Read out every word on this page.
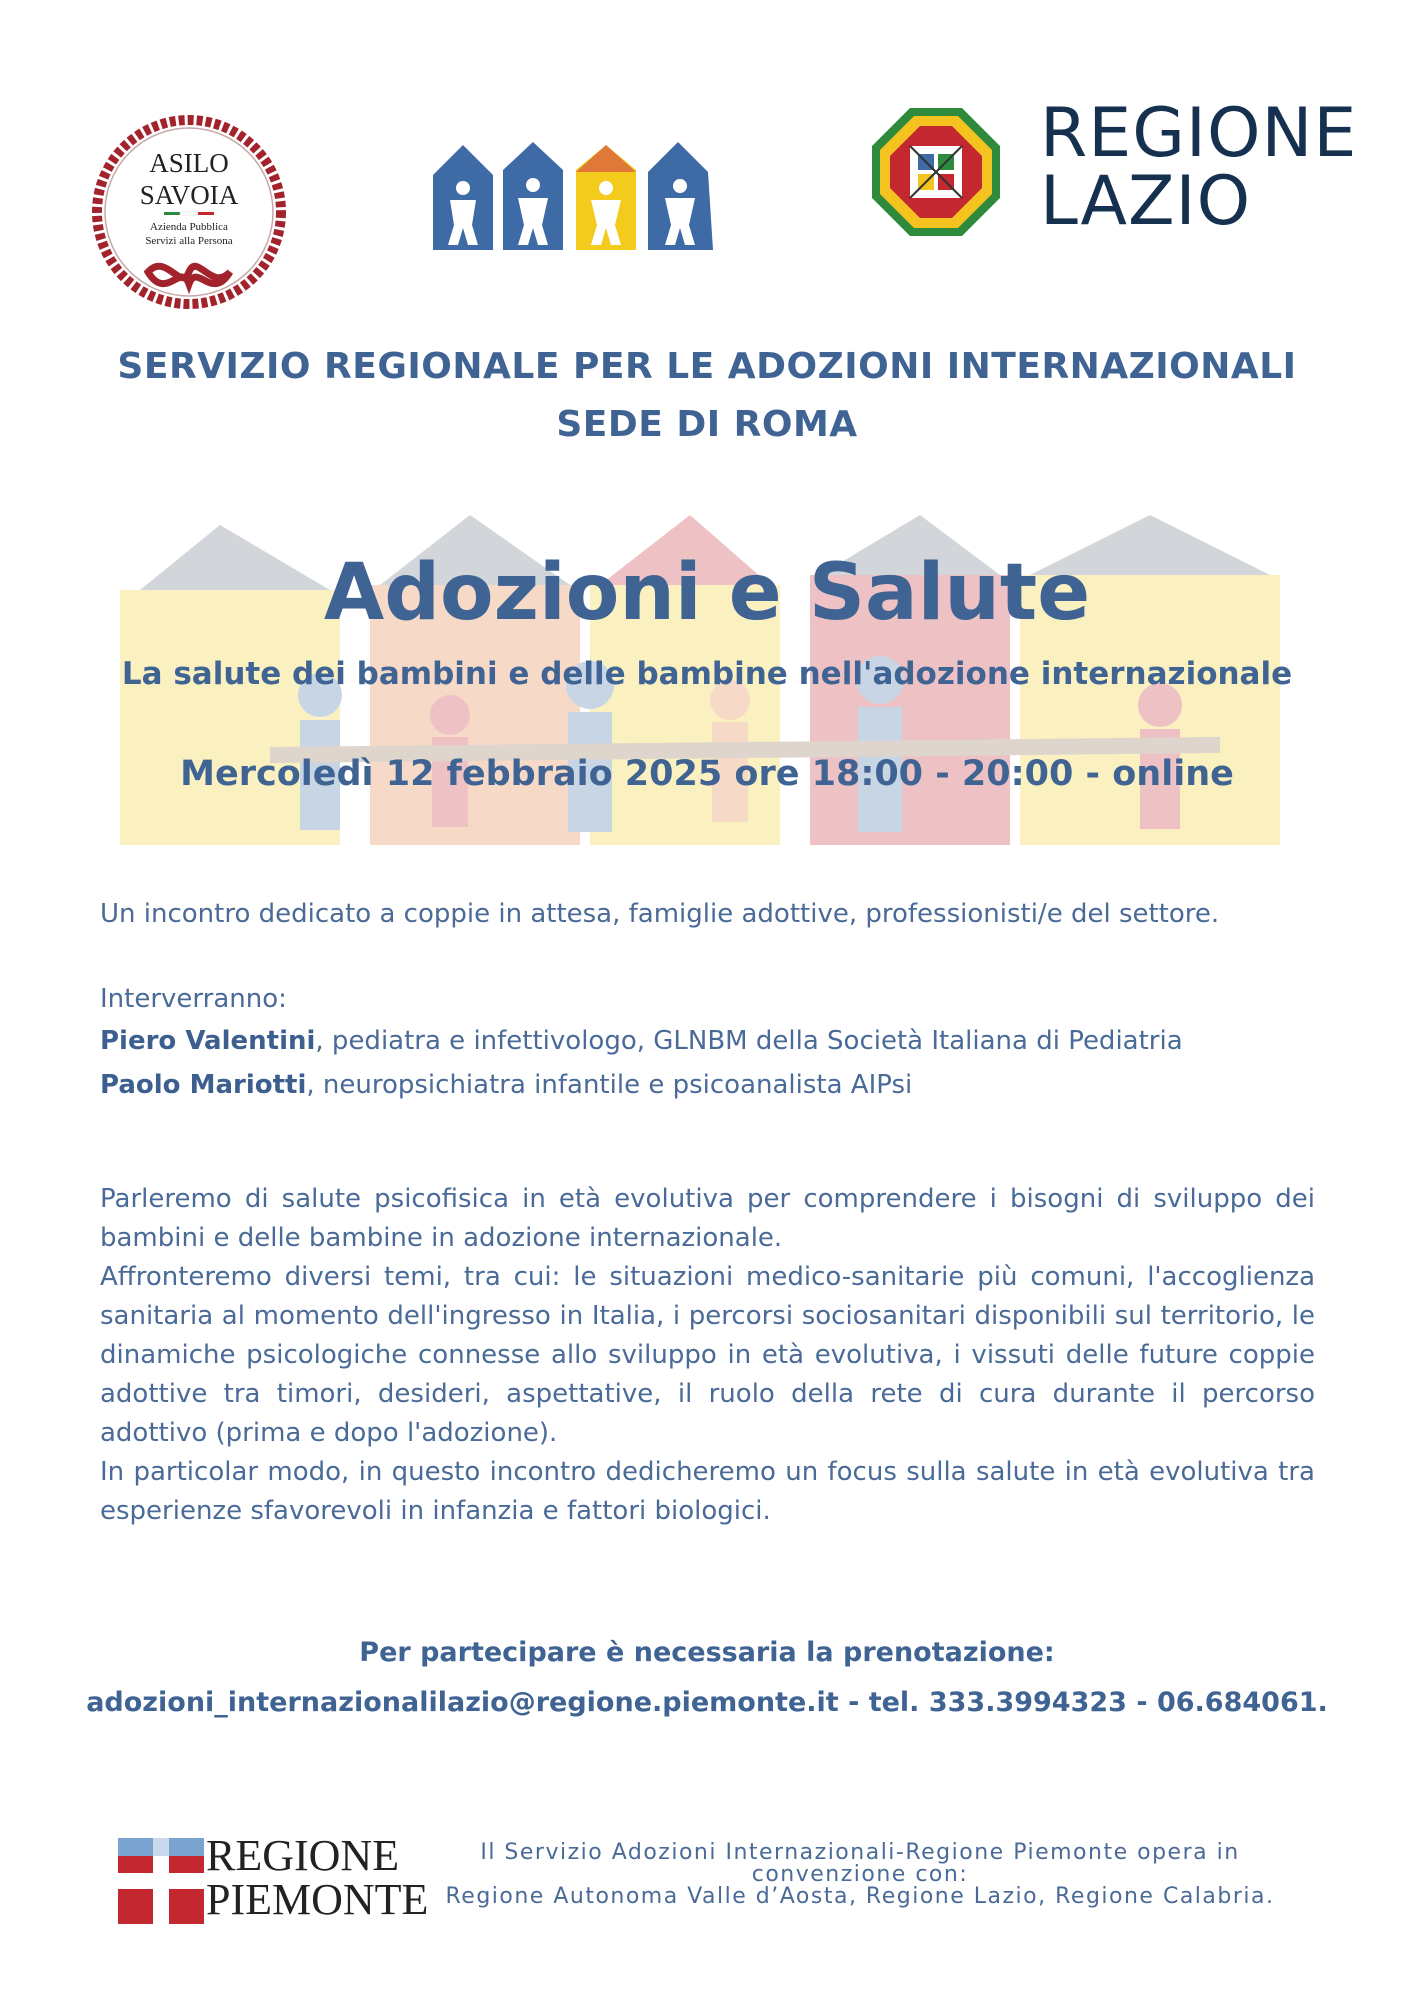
ASILO
SAVOIA
Azienda Pubblica
Servizi alla Persona
REGIONE
LAZIO
SERVIZIO REGIONALE PER LE ADOZIONI INTERNAZIONALI
SEDE DI ROMA
Adozioni e Salute
La salute dei bambini e delle bambine nell'adozione internazionale
Mercoledì 12 febbraio 2025 ore 18:00 - 20:00 - online
Un incontro dedicato a coppie in attesa, famiglie adottive, professionisti/e del settore.
Interverranno:
Piero Valentini, pediatra e infettivologo, GLNBM della Società Italiana di Pediatria
Paolo Mariotti, neuropsichiatra infantile e psicoanalista AIPsi

Parleremo di salute psicofisica in età evolutiva per comprendere i bisogni di sviluppo dei bambini e delle bambine in adozione internazionale.

Affronteremo diversi temi, tra cui: le situazioni medico-sanitarie più comuni, l'accoglienza sanitaria al momento dell'ingresso in Italia, i percorsi sociosanitari disponibili sul territorio, le dinamiche psicologiche connesse allo sviluppo in età evolutiva, i vissuti delle future coppie adottive tra timori, desideri, aspettative, il ruolo della rete di cura durante il percorso adottivo (prima e dopo l'adozione).

In particolar modo, in questo incontro dedicheremo un focus sulla salute in età evolutiva tra esperienze sfavorevoli in infanzia e fattori biologici.

Per partecipare è necessaria la prenotazione:
adozioni_internazionalilazio@regione.piemonte.it - tel. 333.3994323 - 06.684061.
REGIONE
PIEMONTE
Il Servizio Adozioni Internazionali-Regione Piemonte opera in
convenzione con:
Regione Autonoma Valle d’Aosta, Regione Lazio, Regione Calabria.
